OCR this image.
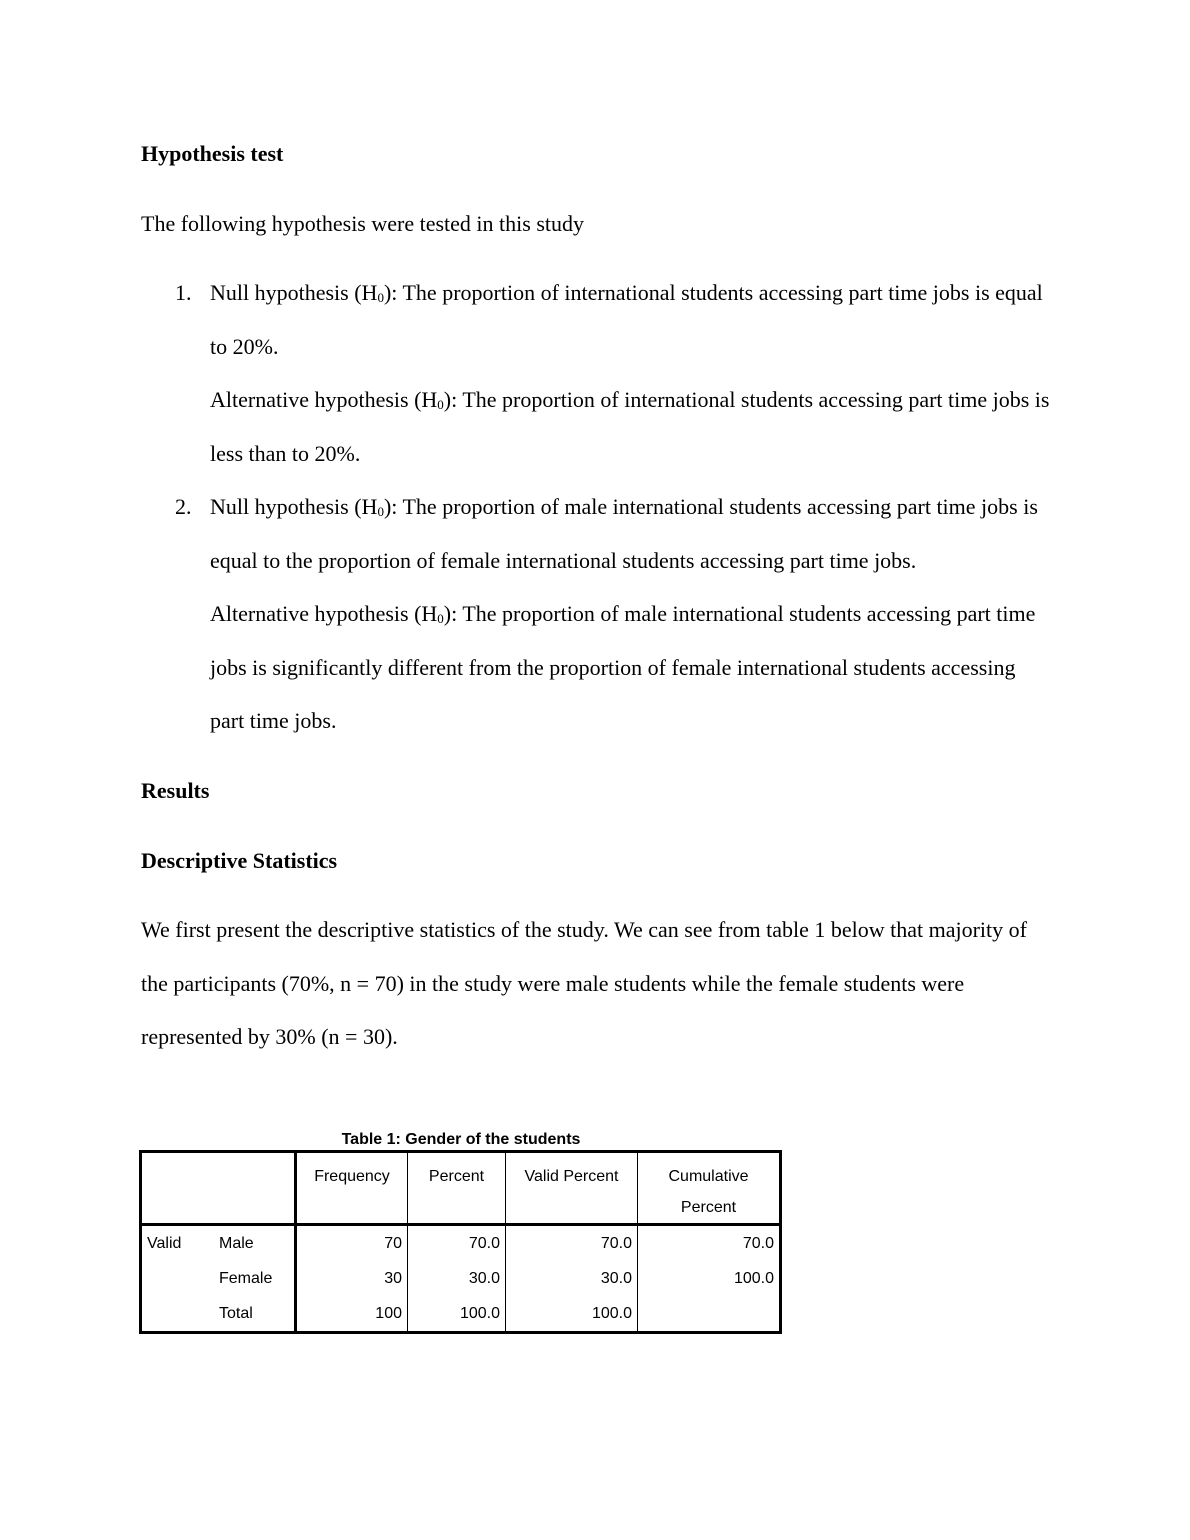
Hypothesis test

The following hypothesis were tested in this study

1. Null hypothesis $(H_0)$: The proportion of international students accessing part time jobs is equal to 20%.

Alternative hypothesis $(H_0)$: The proportion of international students accessing part time jobs is less than to 20%.

2. Null hypothesis $(H_0)$: The proportion of male international students accessing part time jobs is equal to the proportion of female international students accessing part time jobs.

Alternative hypothesis $(H_0)$: The proportion of male international students accessing part time jobs is significantly different from the proportion of female international students accessing part time jobs.

Results
Descriptive Statistics

We first present the descriptive statistics of the study. We can see from table 1 below that majority of the participants (70%, n = 70) in the study were male students while the female students were represented by 30% (n = 30).

Table 1: Gender of the students
		Frequency	Percent	Valid Percent	Cumulative Percent
Valid	Male	70	70.0	70.0	70.0
	Female	30	30.0	30.0	100.0
	Total	100	100.0	100.0	
